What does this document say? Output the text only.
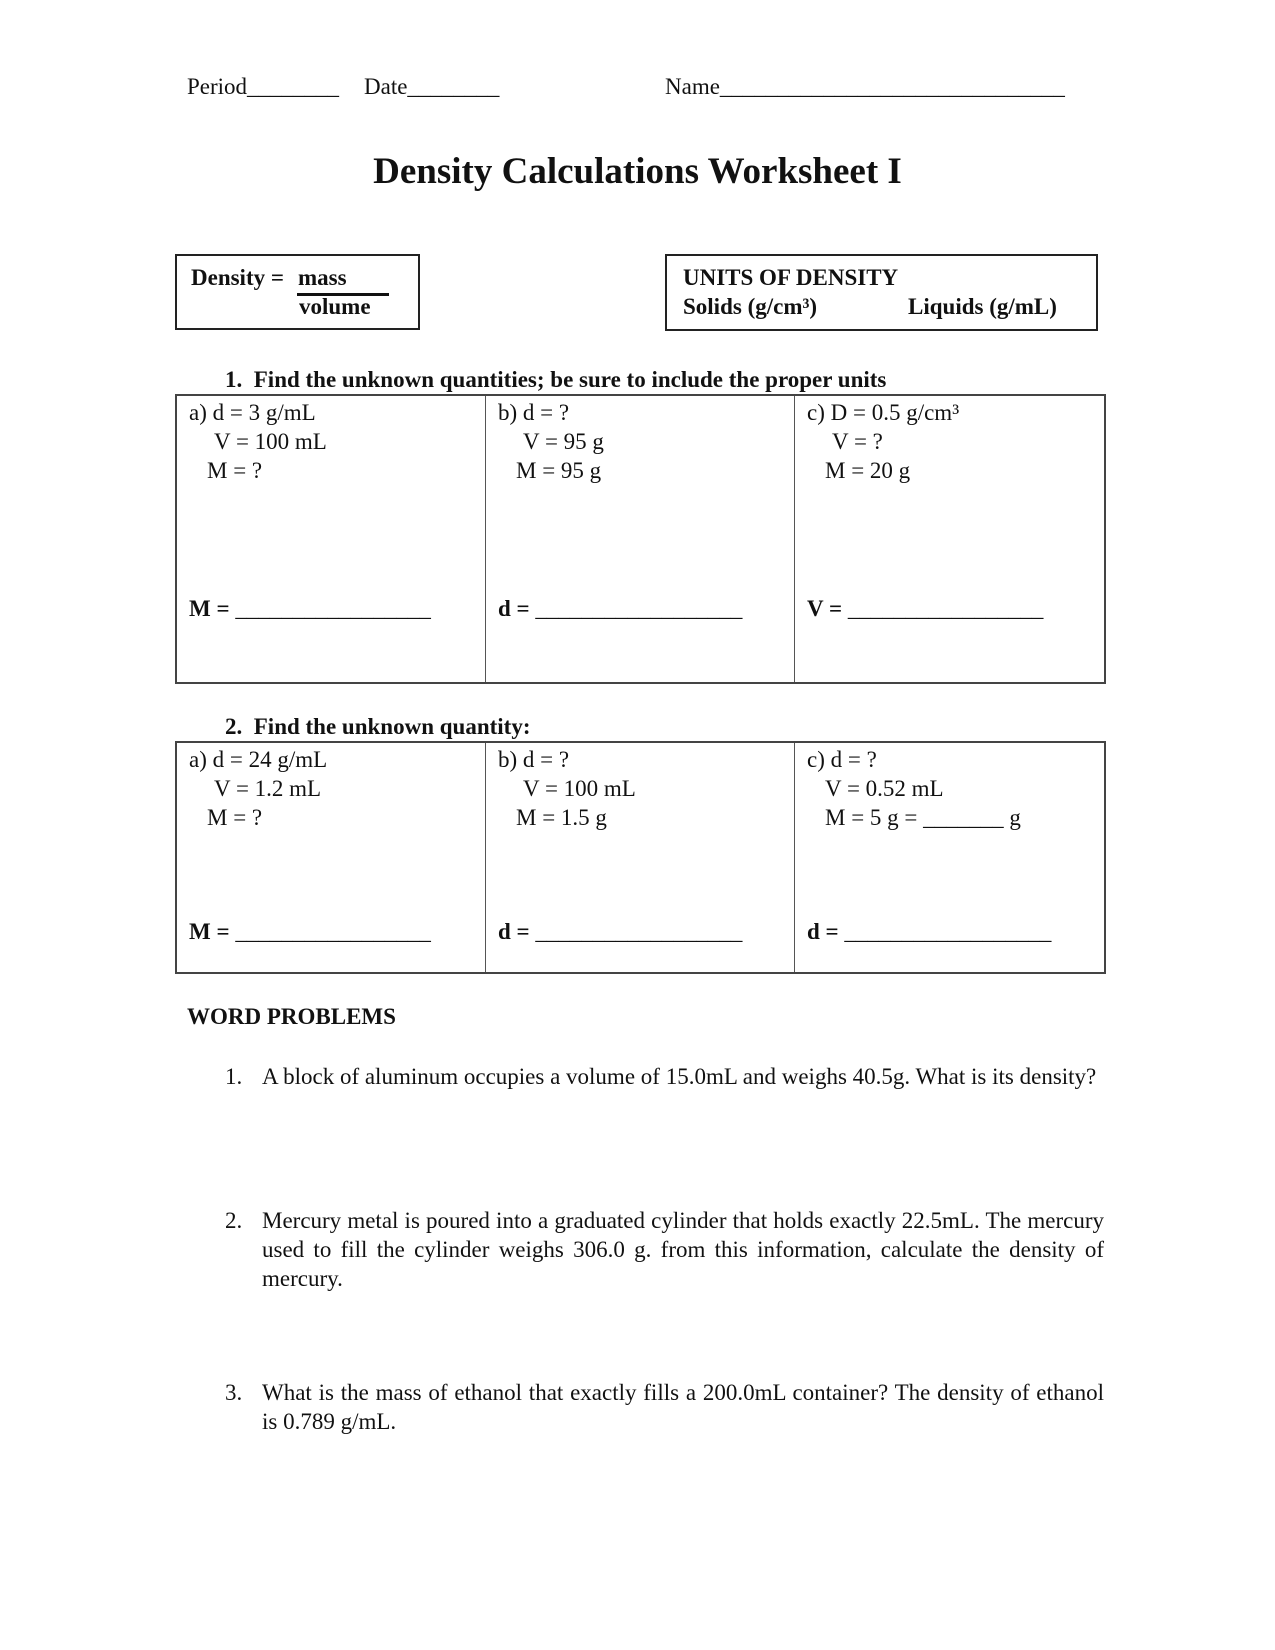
Period________ Date________	Name______________________________
Density Calculations Worksheet I
Density = mass
volume
UNITS OF DENSITY
Solids (g/cm³)	Liquids (g/mL)
1.  Find the unknown quantities; be sure to include the proper units
a) d = 3 g/mL
V = 100 mL
M = ?
M = _________________

b) d = ?
V = 95 g
M = 95 g
d = __________________

c) D = 0.5 g/cm³
V = ?
M = 20 g
V = _________________
2.  Find the unknown quantity:
a) d = 24 g/mL
V = 1.2 mL
M = ?
M = _________________

b) d = ?
V = 100 mL
M = 1.5 g
d = __________________

c) d = ?
V = 0.52 mL
M = 5 g = _______ g
d = __________________
WORD PROBLEMS
1. A block of aluminum occupies a volume of 15.0mL and weighs 40.5g. What is its density?
2. Mercury metal is poured into a graduated cylinder that holds exactly 22.5mL. The mercury used to fill the cylinder weighs 306.0 g. from this information, calculate the density of mercury.
3. What is the mass of ethanol that exactly fills a 200.0mL container? The density of ethanol is 0.789 g/mL.
